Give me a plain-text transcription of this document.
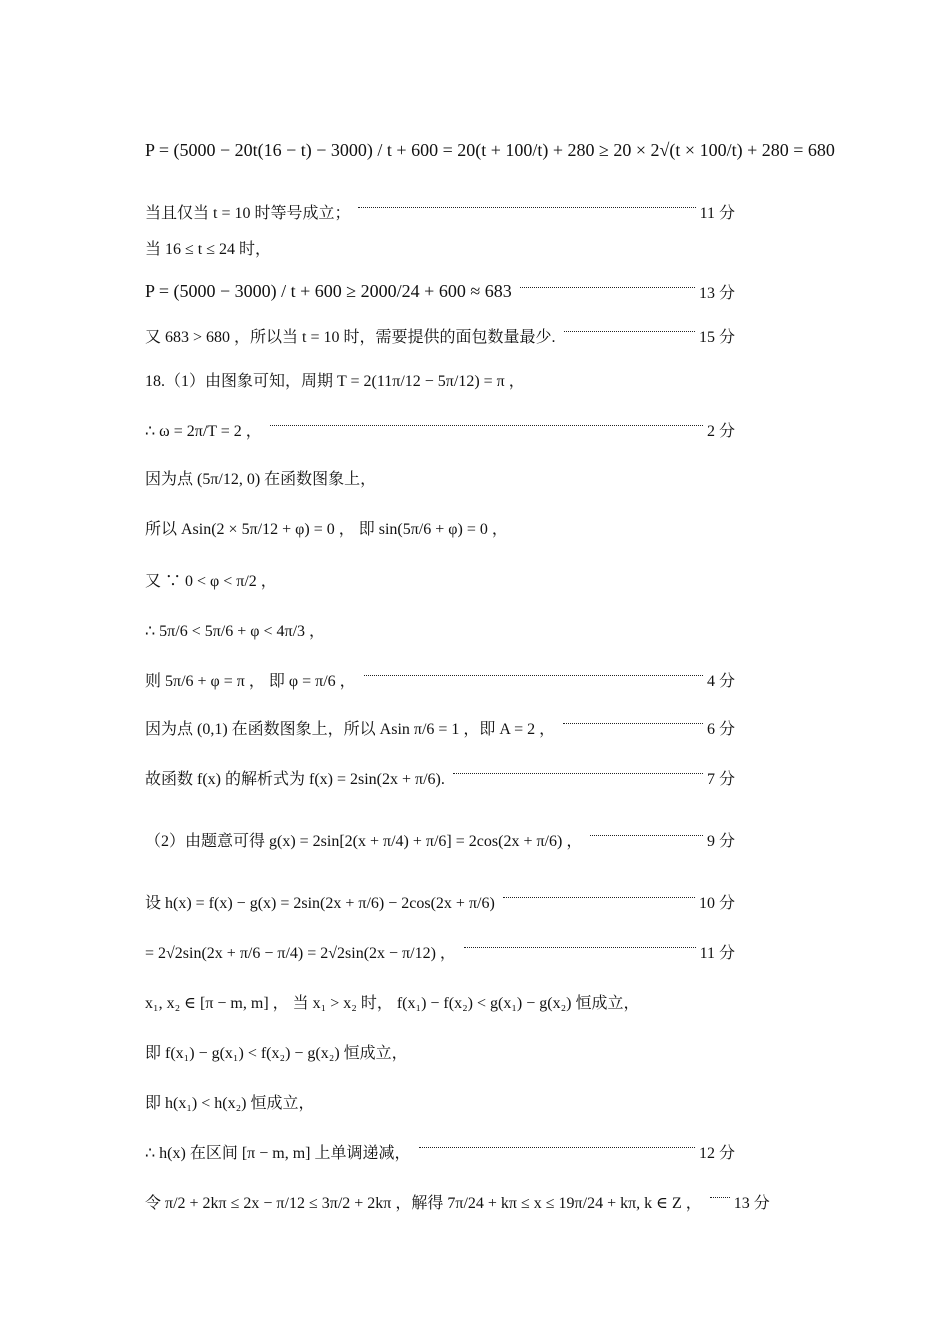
P = (5000 − 20t(16 − t) − 3000) / t + 600 = 20(t + 100/t) + 280 ≥ 20 × 2√(t × 100/t) + 280 = 680
当且仅当 t = 10 时等号成立；	11 分
当 16 ≤ t ≤ 24 时，
P = (5000 − 3000) / t + 600 ≥ 2000/24 + 600 ≈ 683	13 分
又 683 > 680 ，所以当 t = 10 时，需要提供的面包数量最少.	15 分
18.（1）由图象可知，周期 T = 2(11π/12 − 5π/12) = π ，
∴ ω = 2π/T = 2 ，	2 分
因为点 (5π/12, 0) 在函数图象上，
所以 Asin(2 × 5π/12 + φ) = 0 ， 即 sin(5π/6 + φ) = 0 ，
又 ∵ 0 < φ < π/2 ，
∴ 5π/6 < 5π/6 + φ < 4π/3 ，
则 5π/6 + φ = π ， 即 φ = π/6 ，	4 分
因为点 (0,1) 在函数图象上，所以 Asin π/6 = 1 ，即 A = 2 ，	6 分
故函数 f(x) 的解析式为 f(x) = 2sin(2x + π/6).	7 分
（2）由题意可得 g(x) = 2sin[2(x + π/4) + π/6] = 2cos(2x + π/6) ，	9 分
设 h(x) = f(x) − g(x) = 2sin(2x + π/6) − 2cos(2x + π/6)	10 分
= 2√2sin(2x + π/6 − π/4) = 2√2sin(2x − π/12) ，	11 分
x₁, x₂ ∈ [π − m, m] ， 当 x₁ > x₂ 时， f(x₁) − f(x₂) < g(x₁) − g(x₂) 恒成立，
即 f(x₁) − g(x₁) < f(x₂) − g(x₂) 恒成立，
即 h(x₁) < h(x₂) 恒成立，
∴ h(x) 在区间 [π − m, m] 上单调递减，	12 分
令 π/2 + 2kπ ≤ 2x − π/12 ≤ 3π/2 + 2kπ ，解得 7π/24 + kπ ≤ x ≤ 19π/24 + kπ, k ∈ Z ， 13 分
